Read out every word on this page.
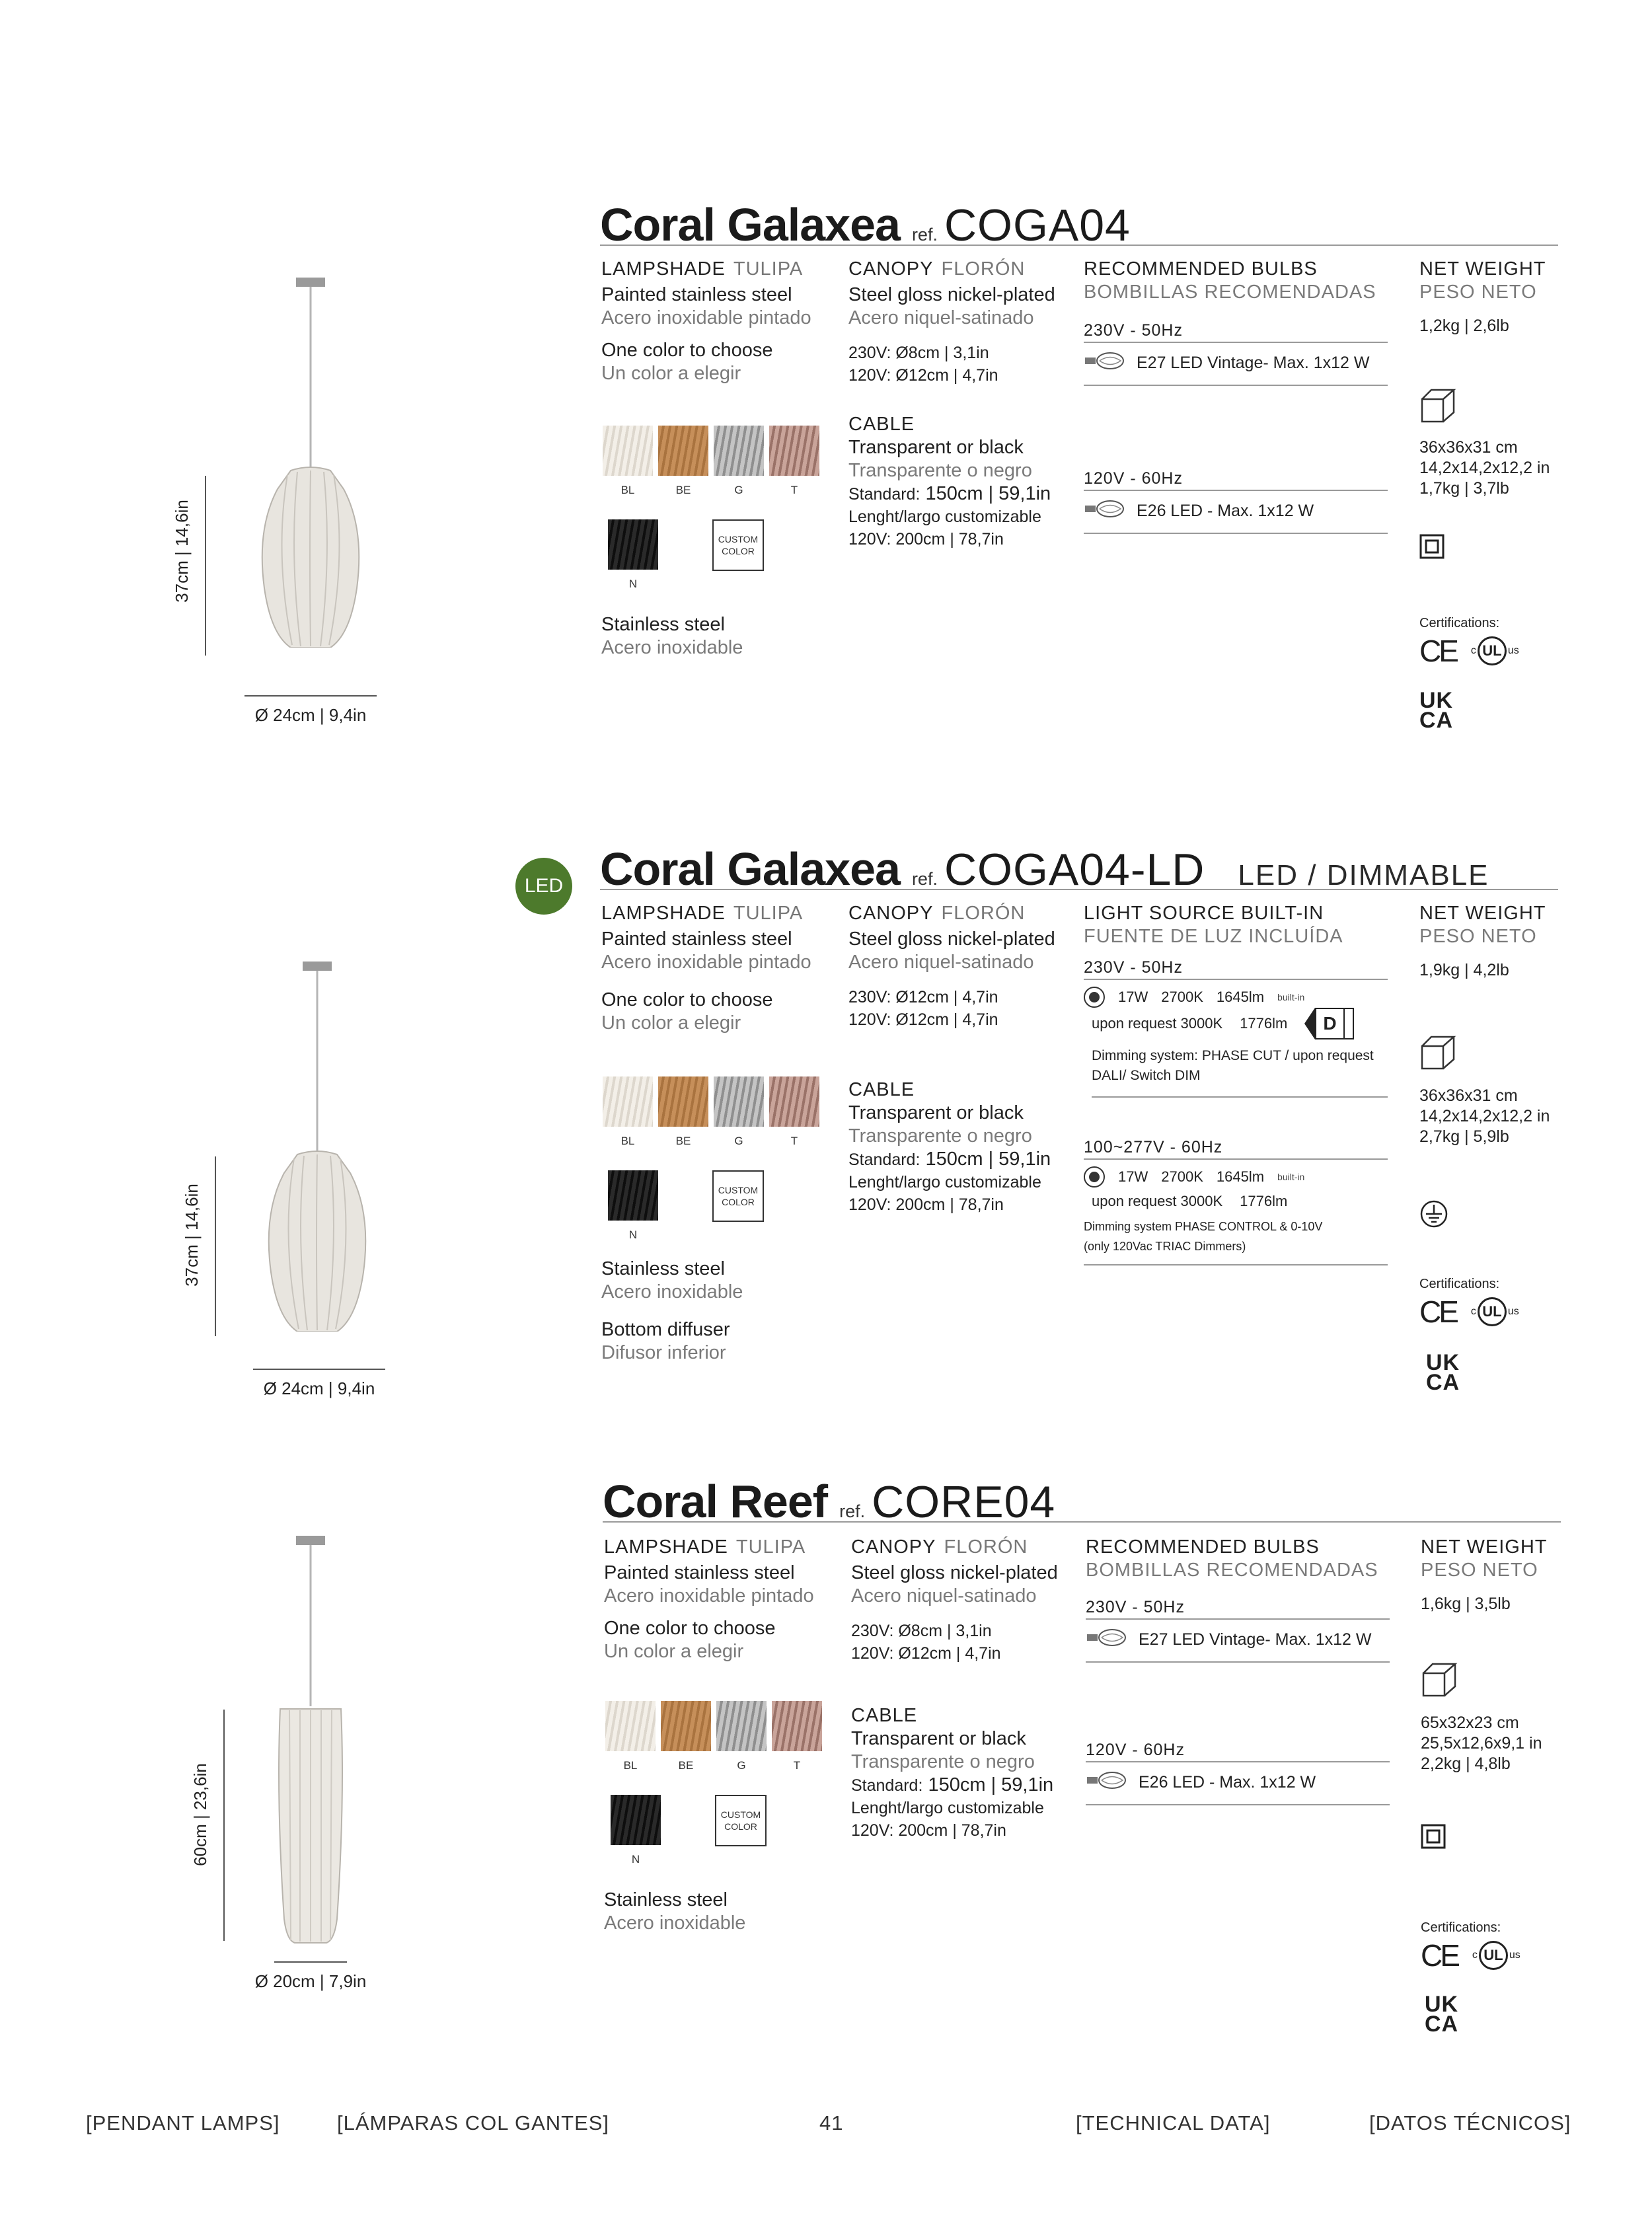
Coral Galaxea ref. COGA04
37cm | 14,6in
Ø 24cm | 9,4in
LAMPSHADE TULIPA
Painted stainless steel
Acero inoxidable pintado
One color to choose
Un color a elegir
BL	BE	G	T
N
CUSTOM COLOR
Stainless steel
Acero inoxidable
CANOPY FLORÓN
Steel gloss nickel-plated
Acero niquel-satinado
230V: Ø8cm | 3,1in
120V: Ø12cm | 4,7in
CABLE
Transparent or black
Transparente o negro
Standard: 150cm | 59,1in
Lenght/largo customizable
120V: 200cm | 78,7in
RECOMMENDED BULBS
BOMBILLAS RECOMENDADAS
230V - 50Hz
E27 LED Vintage- Max. 1x12 W
120V - 60Hz
E26 LED - Max. 1x12 W
NET WEIGHT
PESO NETO
1,2kg | 2,6lb
36x36x31 cm
14,2x14,2x12,2 in
1,7kg | 3,7lb
Certifications:
CE c UL us
UK
CA
LED Coral Galaxea ref. COGA04-LD LED / DIMMABLE
37cm | 14,6in
Ø 24cm | 9,4in
LAMPSHADE TULIPA
Painted stainless steel
Acero inoxidable pintado
One color to choose
Un color a elegir
BL	BE	G	T
N
CUSTOM COLOR
Stainless steel
Acero inoxidable
Bottom diffuser
Difusor inferior
CANOPY FLORÓN
Steel gloss nickel-plated
Acero niquel-satinado
230V: Ø12cm | 4,7in
120V: Ø12cm | 4,7in
CABLE
Transparent or black
Transparente o negro
Standard: 150cm | 59,1in
Lenght/largo customizable
120V: 200cm | 78,7in
LIGHT SOURCE BUILT-IN
FUENTE DE LUZ INCLUÍDA
230V - 50Hz
17W 2700K 1645lm built-in
upon request 3000K 1776lm	D
Dimming system: PHASE CUT / upon request DALI/ Switch DIM
100~277V - 60Hz
17W 2700K 1645lm built-in
upon request 3000K 1776lm
Dimming system PHASE CONTROL & 0-10V
(only 120Vac TRIAC Dimmers)
NET WEIGHT
PESO NETO
1,9kg | 4,2lb
36x36x31 cm
14,2x14,2x12,2 in
2,7kg | 5,9lb
Certifications:
CE c UL us
UK
CA
Coral Reef ref. CORE04
60cm | 23,6in
Ø 20cm | 7,9in
LAMPSHADE TULIPA
Painted stainless steel
Acero inoxidable pintado
One color to choose
Un color a elegir
BL	BE	G	T
N
CUSTOM COLOR
Stainless steel
Acero inoxidable
CANOPY FLORÓN
Steel gloss nickel-plated
Acero niquel-satinado
230V: Ø8cm | 3,1in
120V: Ø12cm | 4,7in
CABLE
Transparent or black
Transparente o negro
Standard: 150cm | 59,1in
Lenght/largo customizable
120V: 200cm | 78,7in
RECOMMENDED BULBS
BOMBILLAS RECOMENDADAS
230V - 50Hz
E27 LED Vintage- Max. 1x12 W
120V - 60Hz
E26 LED - Max. 1x12 W
NET WEIGHT
PESO NETO
1,6kg | 3,5lb
65x32x23 cm
25,5x12,6x9,1 in
2,2kg | 4,8lb
Certifications:
CE c UL us
UK
CA
[PENDANT LAMPS]	[LÁMPARAS COL GANTES]	41	[TECHNICAL DATA]	[DATOS TÉCNICOS]
